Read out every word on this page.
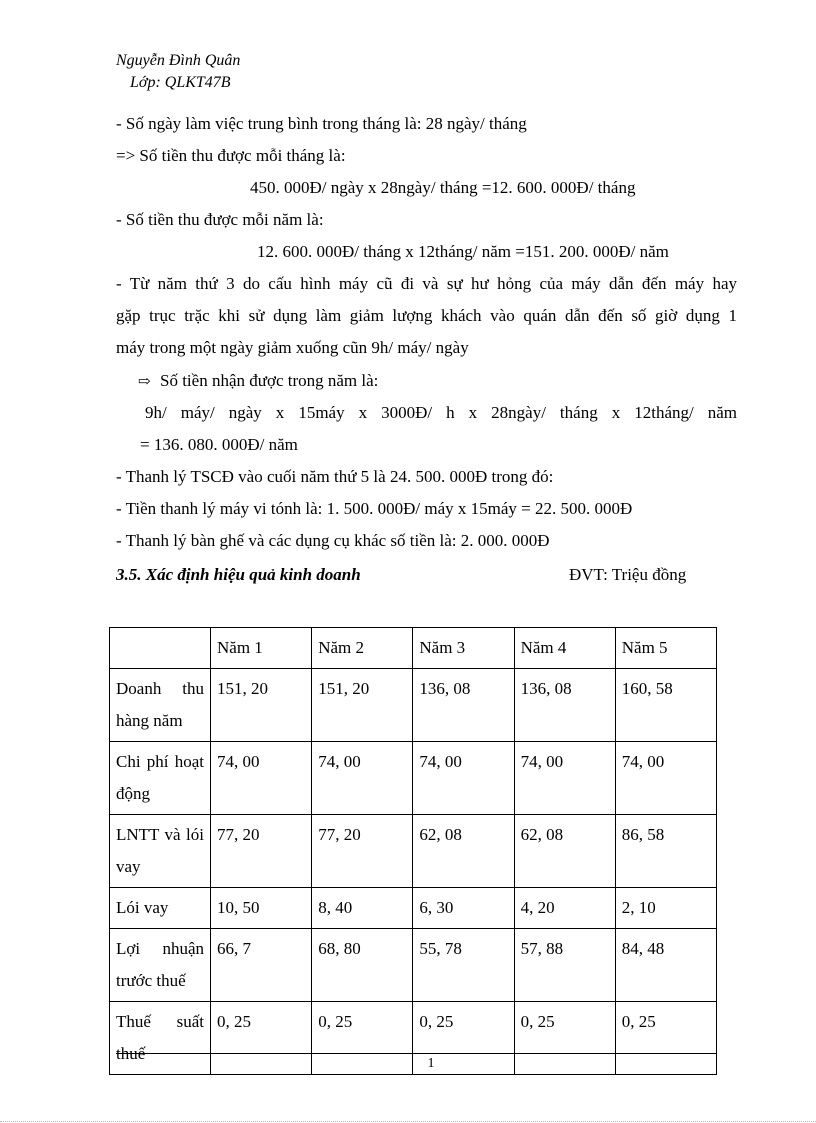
Nguyễn Đình Quân
Lớp: QLKT47B
- Số ngày làm việc trung bình trong tháng là: 28 ngày/ tháng
=> Số tiền thu được mỗi tháng là:
450. 000Đ/ ngày x 28ngày/ tháng =12. 600. 000Đ/ tháng
- Số tiền thu được mỗi năm là:
12. 600. 000Đ/ tháng x 12tháng/ năm =151. 200. 000Đ/ năm
- Từ năm thứ 3 do cấu hình máy cũ đi và sự hư hỏng của máy dẫn đến máy hay
gặp trục trặc khi sử dụng làm giảm lượng khách vào quán dẫn đến số giờ dụng 1
máy trong một ngày giảm xuống cũn 9h/ máy/ ngày
⇨ Số tiền nhận được trong năm là:
9h/ máy/ ngày x 15máy x 3000Đ/ h x 28ngày/ tháng x 12tháng/ năm
= 136. 080. 000Đ/ năm
- Thanh lý TSCĐ vào cuối năm thứ 5 là 24. 500. 000Đ trong đó:
- Tiền thanh lý máy vi tónh là: 1. 500. 000Đ/ máy x 15máy = 22. 500. 000Đ
- Thanh lý bàn ghế và các dụng cụ khác số tiền là: 2. 000. 000Đ
3.5. Xác định hiệu quả kinh doanh	ĐVT: Triệu đồng
	Năm 1	Năm 2	Năm 3	Năm 4	Năm 5
Doanh thu hàng năm	151, 20	151, 20	136, 08	136, 08	160, 58
Chi phí hoạt động	74, 00	74, 00	74, 00	74, 00	74, 00
LNTT và lói vay	77, 20	77, 20	62, 08	62, 08	86, 58
Lói vay	10, 50	8, 40	6, 30	4, 20	2, 10
Lợi nhuận trước thuế	66, 7	68, 80	55, 78	57, 88	84, 48
Thuế suất thuế	0, 25	0, 25	0, 25	0, 25	0, 25
1
